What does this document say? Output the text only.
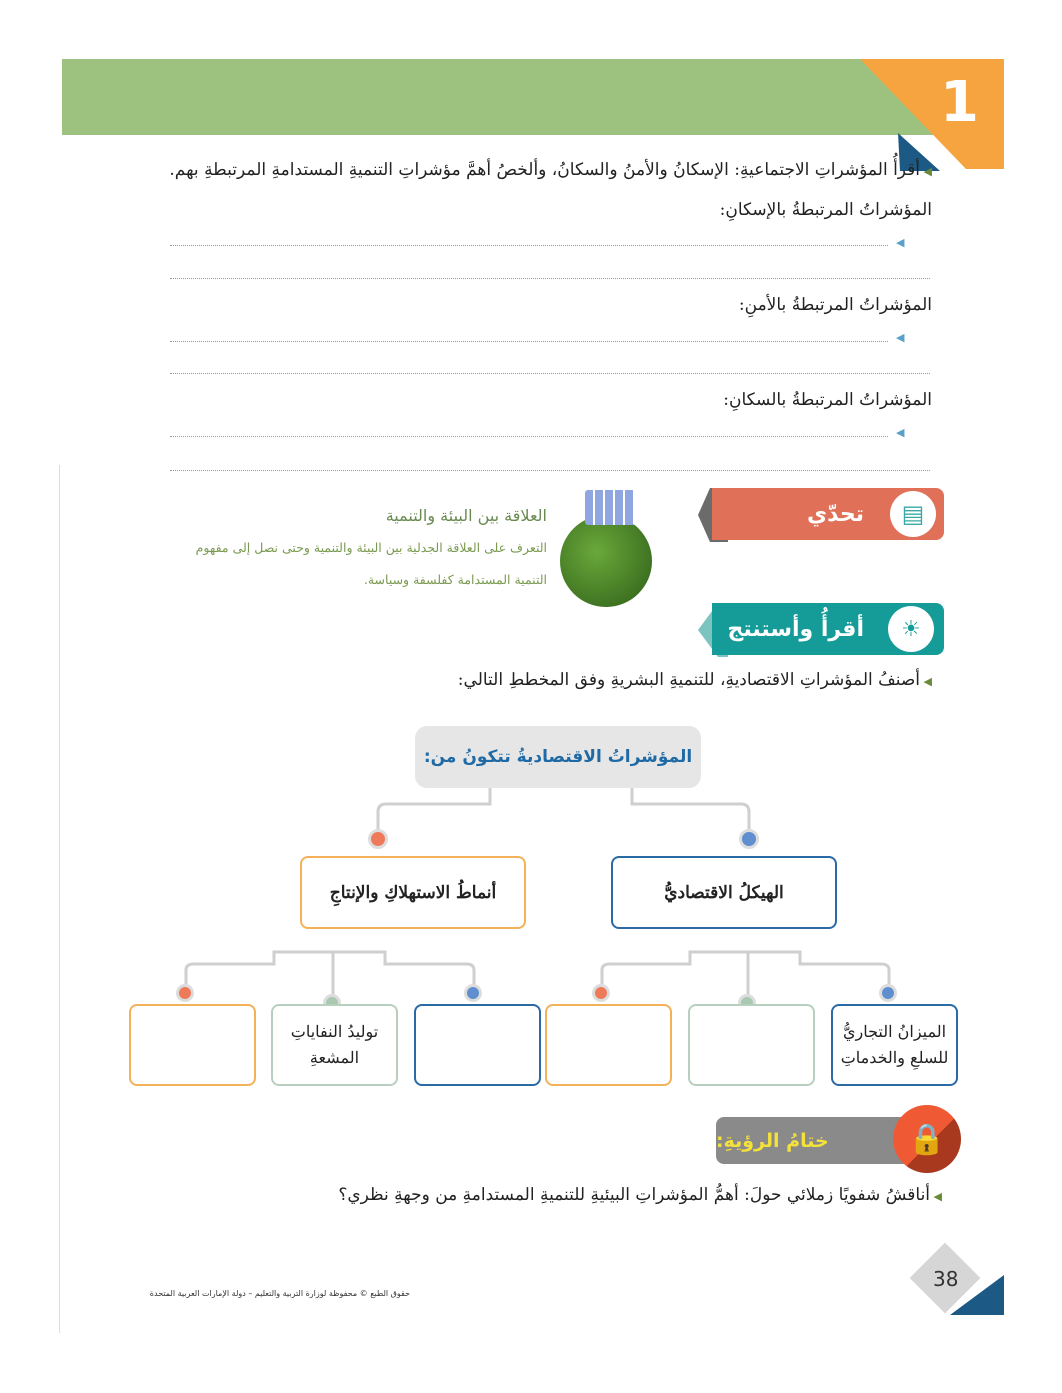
1
◀ أقرأُ المؤشراتِ الاجتماعيةِ: الإسكانُ والأمنُ والسكانُ، وألخصُ أهمَّ مؤشراتِ التنميةِ المستدامةِ المرتبطةِ بهم.
المؤشراتُ المرتبطةُ بالإسكانِ:
◀
المؤشراتُ المرتبطةُ بالأمنِ:
◀
المؤشراتُ المرتبطةُ بالسكانِ:
◀
تحدّي	▤
العلاقة بين البيئة والتنمية
التعرف على العلاقة الجدلية بين البيئة والتنمية وحتى نصل إلى مفهوم
التنمية المستدامة كفلسفة وسياسة.
أقرأُ وأستنتج	☀
◀ أصنفُ المؤشراتِ الاقتصاديةِ، للتنميةِ البشريةِ وفق المخططِ التالي:
المؤشراتُ الاقتصاديةُ تتكونُ من:
الهيكلُ الاقتصاديُّ
أنماطُ الاستهلاكِ والإنتاجِ
الميزانُ التجاريُّ للسلعِ والخدماتِ
توليدُ النفاياتِ المشعةِ
ختامُ الرؤيةِ:	🔒
◀ أناقشُ شفويًا زملائي حولَ: أهمُّ المؤشراتِ البيئيةِ للتنميةِ المستدامةِ من وجهةِ نظري؟
38
حقوق الطبع © محفوظة لوزارة التربية والتعليم – دولة الإمارات العربية المتحدة
